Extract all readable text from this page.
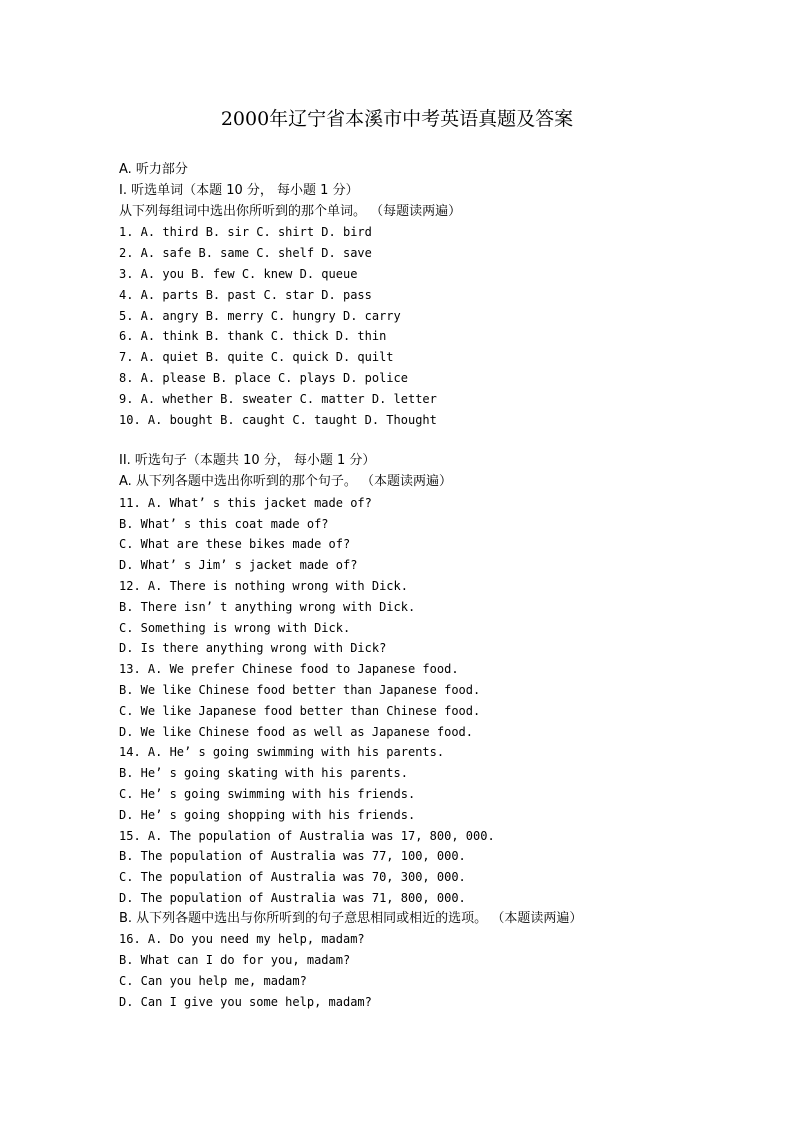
2000年辽宁省本溪市中考英语真题及答案
A. 听力部分
I. 听选单词（本题 10 分， 每小题 1 分）
从下列每组词中选出你所听到的那个单词。 （每题读两遍）
1. A. third B. sir C. shirt D. bird
2. A. safe B. same C. shelf D. save
3. A. you B. few C. knew D. queue
4. A. parts B. past C. star D. pass
5. A. angry B. merry C. hungry D. carry
6. A. think B. thank C. thick D. thin
7. A. quiet B. quite C. quick D. quilt
8. A. please B. place C. plays D. police
9. A. whether B. sweater C. matter D. letter
10. A. bought B. caught C. taught D. Thought
II. 听选句子（本题共 10 分， 每小题 1 分）
A. 从下列各题中选出你听到的那个句子。 （本题读两遍）
11. A. What’ s this jacket made of?
B. What’ s this coat made of?
C. What are these bikes made of?
D. What’ s Jim’ s jacket made of?
12. A. There is nothing wrong with Dick.
B. There isn’ t anything wrong with Dick.
C. Something is wrong with Dick.
D. Is there anything wrong with Dick?
13. A. We prefer Chinese food to Japanese food.
B. We like Chinese food better than Japanese food.
C. We like Japanese food better than Chinese food.
D. We like Chinese food as well as Japanese food.
14. A. He’ s going swimming with his parents.
B. He’ s going skating with his parents.
C. He’ s going swimming with his friends.
D. He’ s going shopping with his friends.
15. A. The population of Australia was 17, 800, 000.
B. The population of Australia was 77, 100, 000.
C. The population of Australia was 70, 300, 000.
D. The population of Australia was 71, 800, 000.
B. 从下列各题中选出与你所听到的句子意思相同或相近的选项。 （本题读两遍）
16. A. Do you need my help, madam?
B. What can I do for you, madam?
C. Can you help me, madam?
D. Can I give you some help, madam?
